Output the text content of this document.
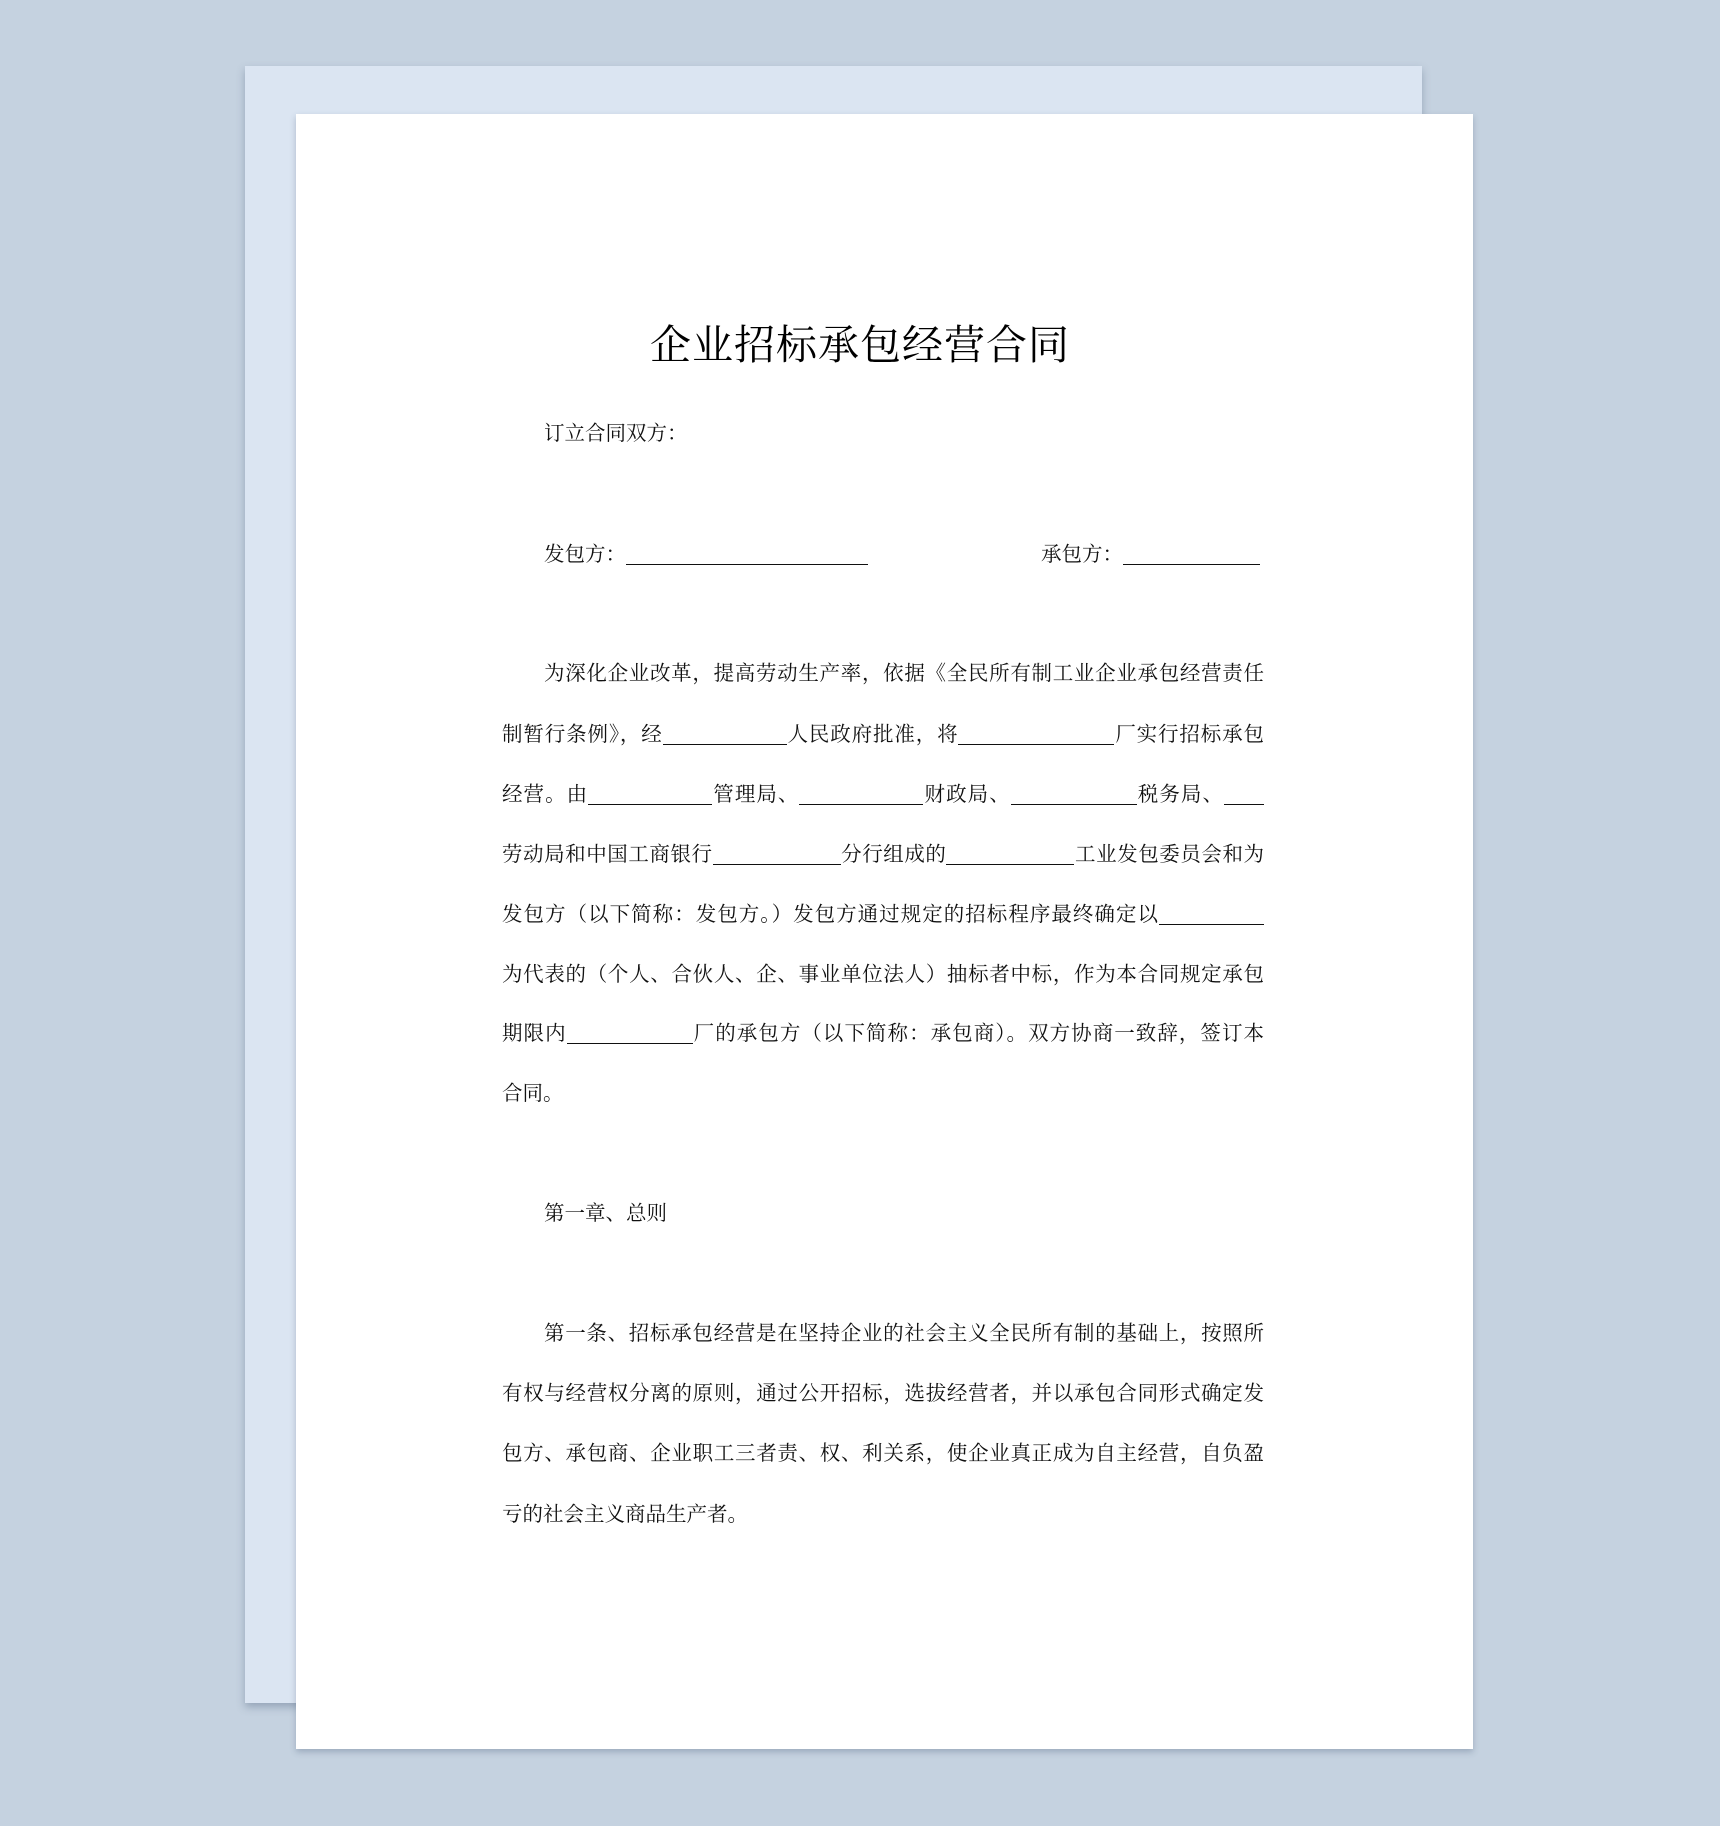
企业招标承包经营合同
订立合同双方：
发包方：	承包方：
为深化企业改革，提高劳动生产率，依据《全民所有制工业企业承包经营责任
制暂行条例》，经	人民政府批准，将	厂实行招标承包
经营。由	管理局、	财政局、	税务局、
劳动局和中国工商银行	分行组成的	工业发包委员会和为
发包方（以下简称：发包方。）发包方通过规定的招标程序最终确定以
为代表的（个人、合伙人、企、事业单位法人）抽标者中标，作为本合同规定承包
期限内	厂的承包方（以下简称：承包商）。双方协商一致辞，签订本
合同。
第一章、总则
第一条、招标承包经营是在坚持企业的社会主义全民所有制的基础上，按照所
有权与经营权分离的原则，通过公开招标，选拔经营者，并以承包合同形式确定发
包方、承包商、企业职工三者责、权、利关系，使企业真正成为自主经营，自负盈
亏的社会主义商品生产者。
